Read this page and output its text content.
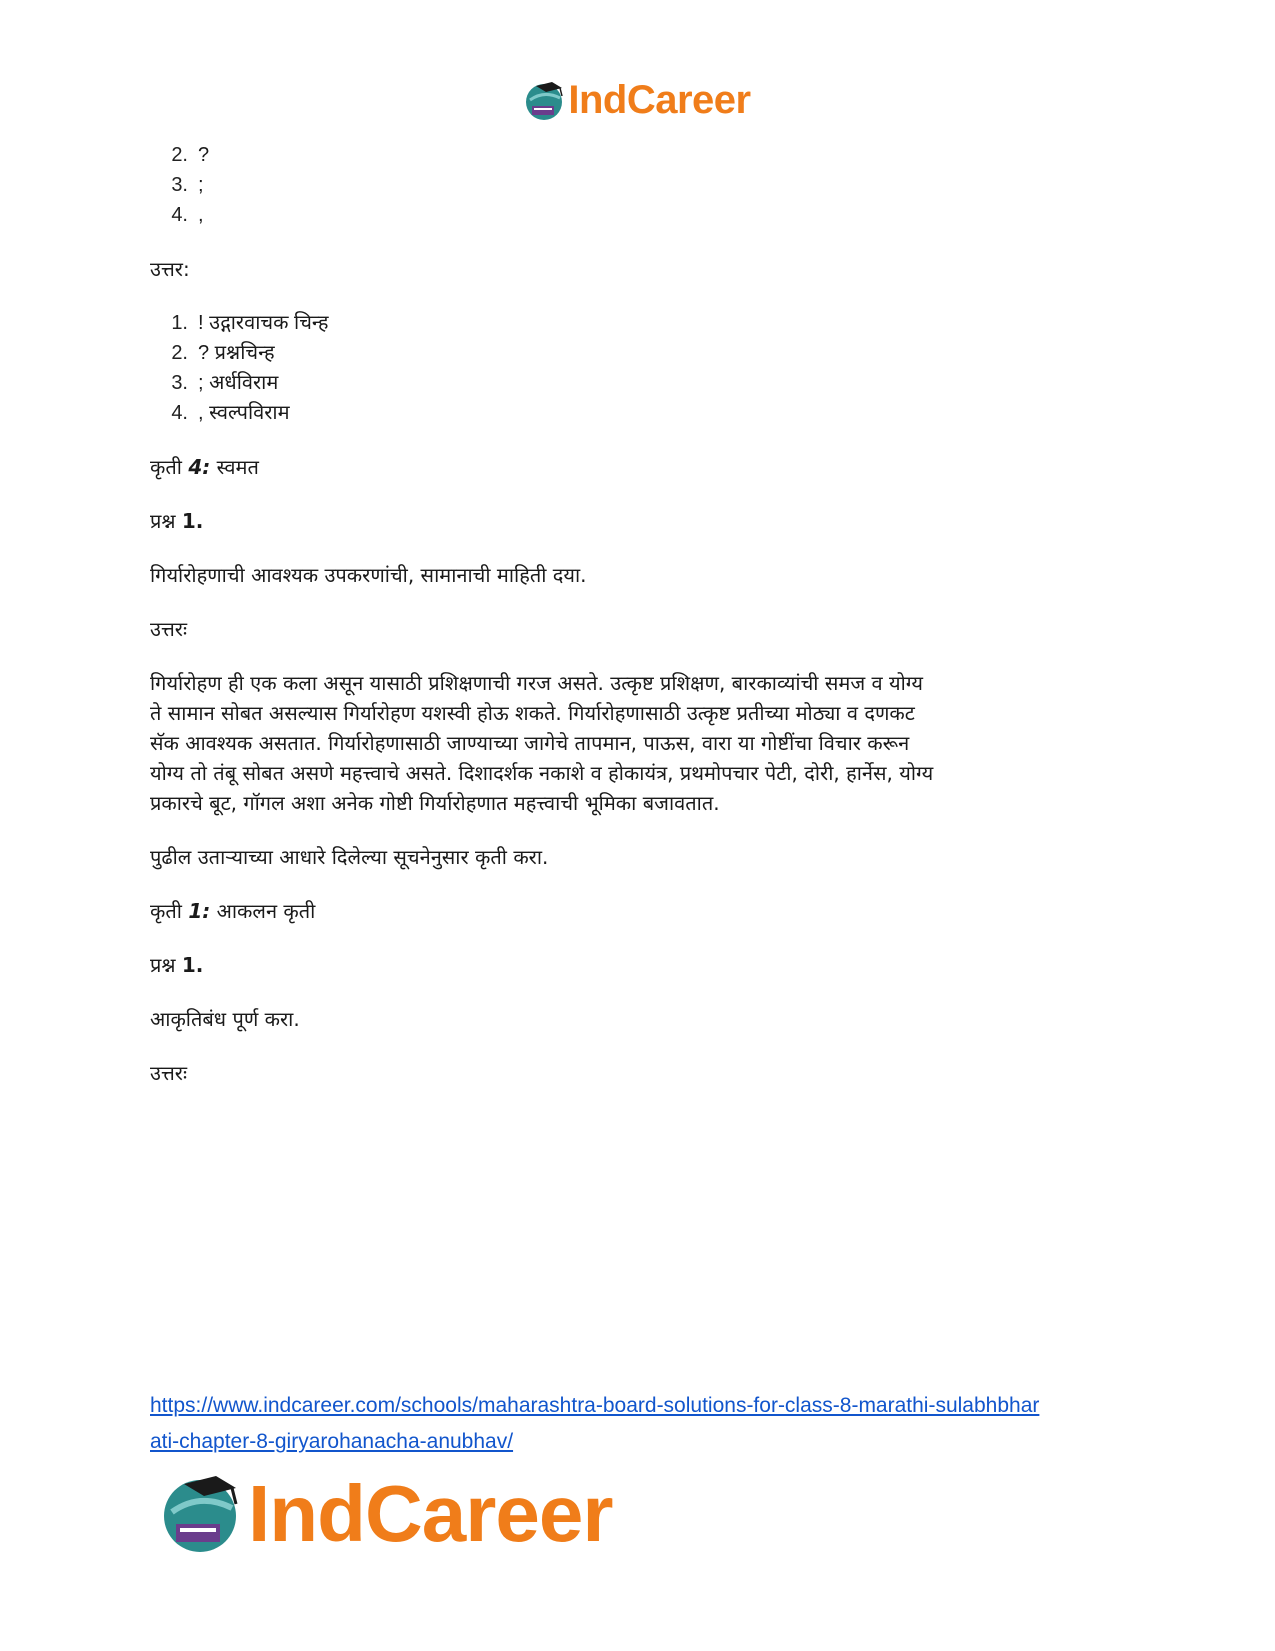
IndCareer
2. ?
3. ;
4. ,

उत्तर:

1. ! उद्गारवाचक चिन्ह
2. ? प्रश्नचिन्ह
3. ; अर्धविराम
4. , स्वल्पविराम

कृती 4: स्वमत

प्रश्न 1.

गिर्यारोहणाची आवश्यक उपकरणांची, सामानाची माहिती दया.

उत्तरः

गिर्यारोहण ही एक कला असून यासाठी प्रशिक्षणाची गरज असते. उत्कृष्ट प्रशिक्षण, बारकाव्यांची समज व योग्य

ते सामान सोबत असल्यास गिर्यारोहण यशस्वी होऊ शकते. गिर्यारोहणासाठी उत्कृष्ट प्रतीच्या मोठ्या व दणकट

सॅक आवश्यक असतात. गिर्यारोहणासाठी जाण्याच्या जागेचे तापमान, पाऊस, वारा या गोष्टींचा विचार करून

योग्य तो तंबू सोबत असणे महत्त्वाचे असते. दिशादर्शक नकाशे व होकायंत्र, प्रथमोपचार पेटी, दोरी, हार्नेस, योग्य

प्रकारचे बूट, गॉगल अशा अनेक गोष्टी गिर्यारोहणात महत्त्वाची भूमिका बजावतात.

पुढील उताऱ्याच्या आधारे दिलेल्या सूचनेनुसार कृती करा.

कृती 1: आकलन कृती

प्रश्न 1.

आकृतिबंध पूर्ण करा.

उत्तरः

https://www.indcareer.com/schools/maharashtra-board-solutions-for-class-8-marathi-sulabhbhar
ati-chapter-8-giryarohanacha-anubhav/
IndCareer
